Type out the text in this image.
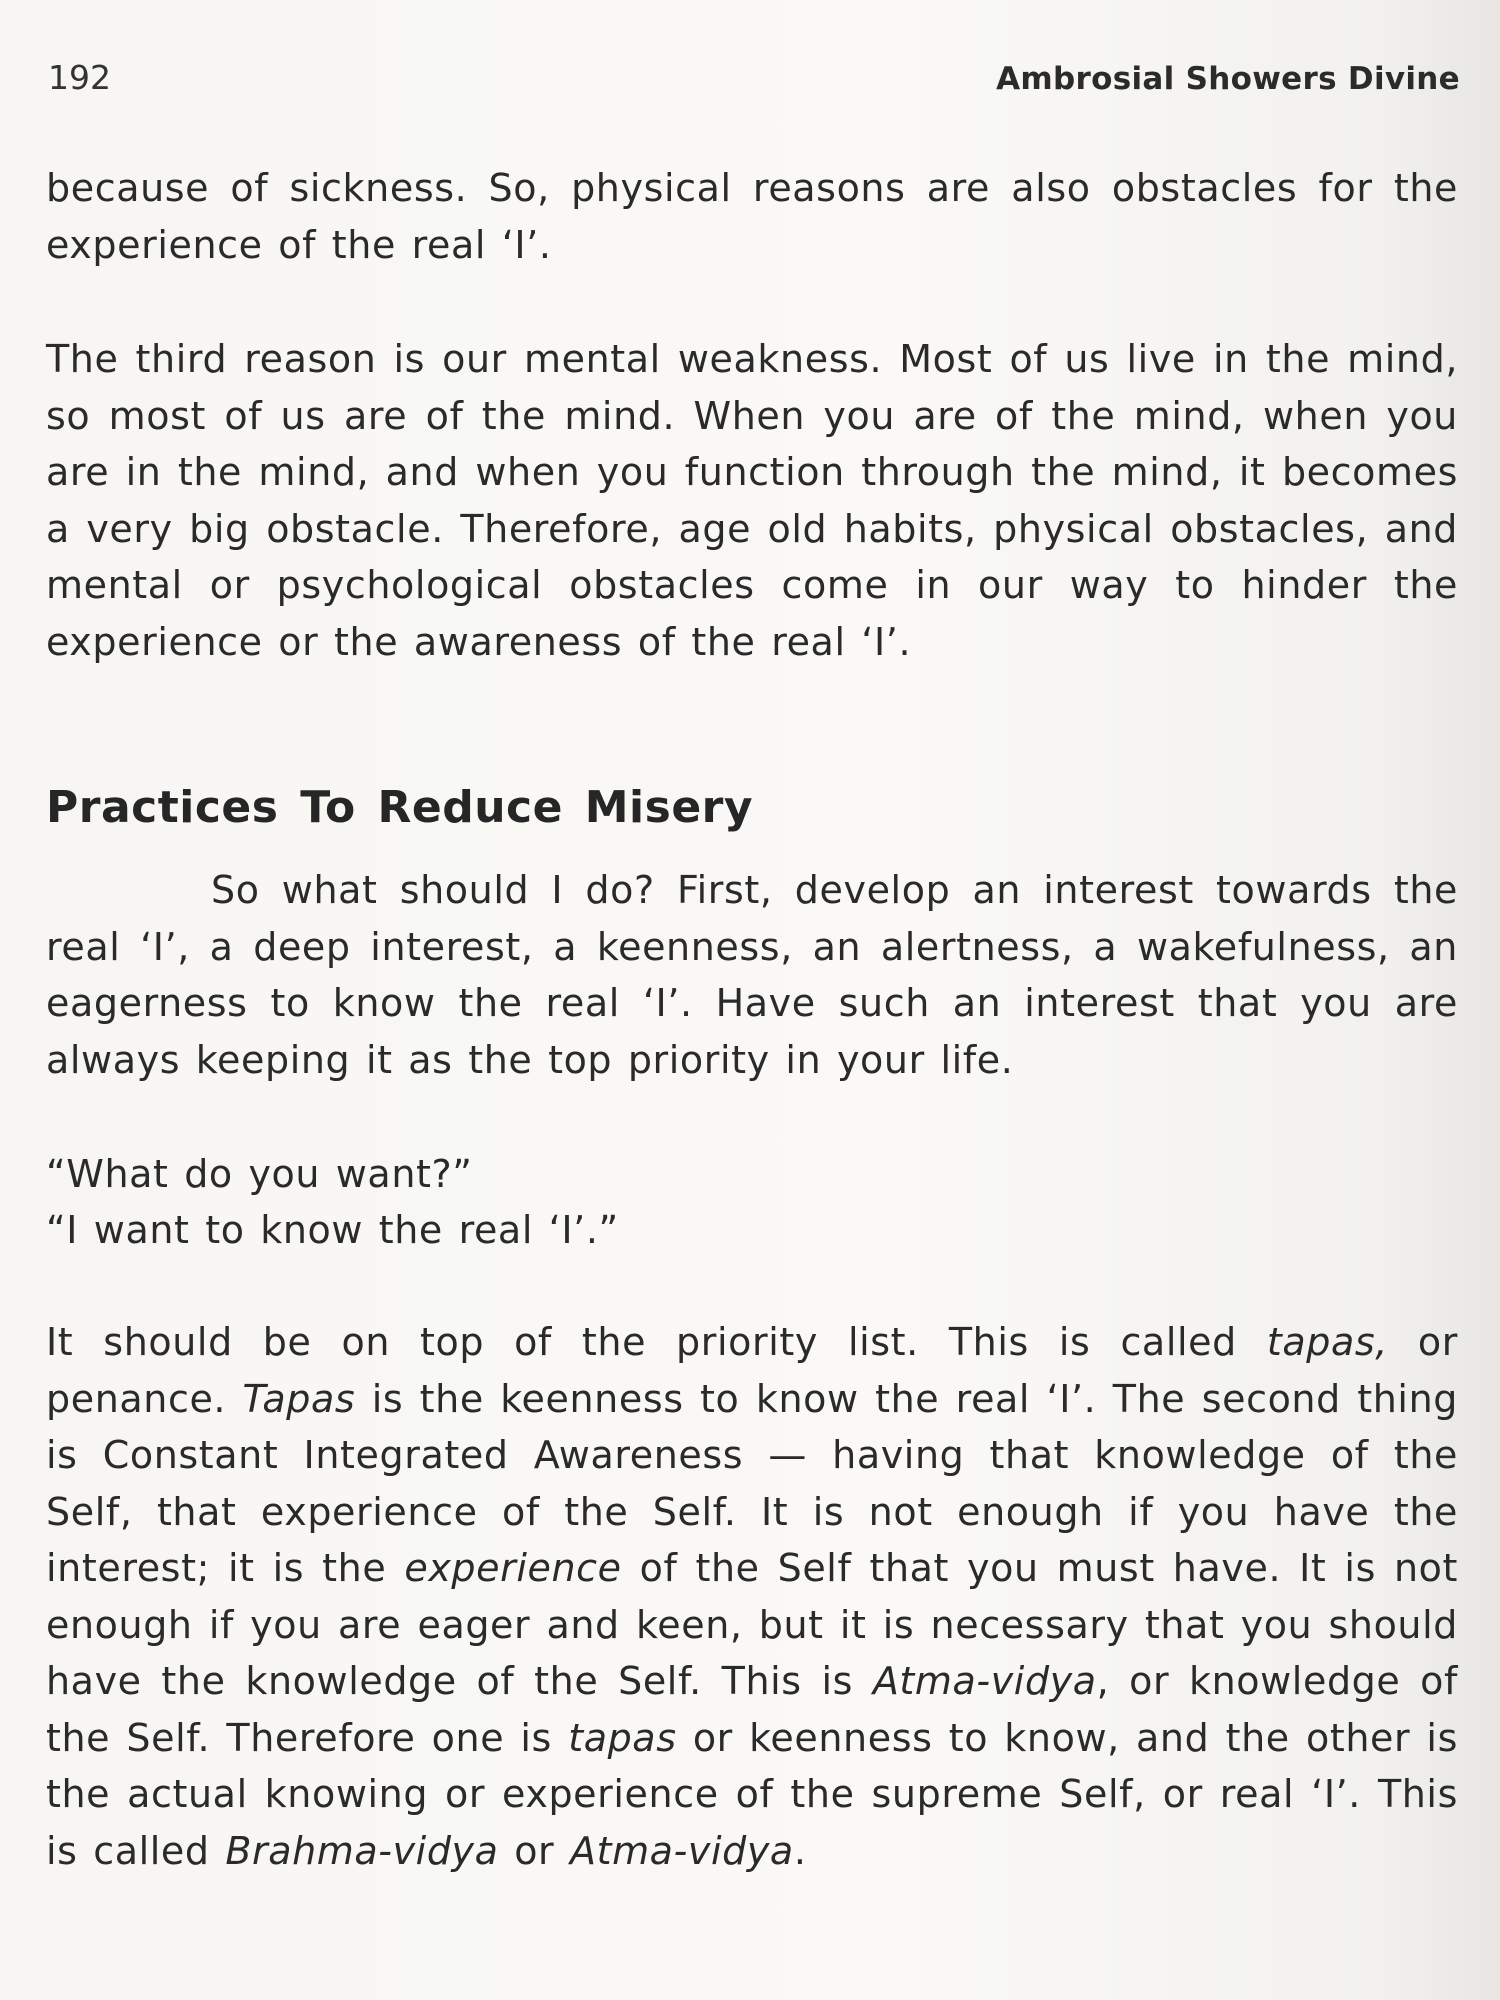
192	Ambrosial Showers Divine

because of sickness. So, physical reasons are also obstacles for the experience of the real ‘I’.

The third reason is our mental weakness. Most of us live in the mind, so most of us are of the mind. When you are of the mind, when you are in the mind, and when you function through the mind, it becomes a very big obstacle. Therefore, age old habits, physical obstacles, and mental or psychological obstacles come in our way to hinder the experience or the awareness of the real ‘I’.

Practices To Reduce Misery

So what should I do? First, develop an interest towards the real ‘I’, a deep interest, a keenness, an alertness, a wakefulness, an eagerness to know the real ‘I’. Have such an interest that you are always keeping it as the top priority in your life.

“What do you want?”

“I want to know the real ‘I’.”

It should be on top of the priority list. This is called tapas, or penance. Tapas is the keenness to know the real ‘I’. The second thing is Constant Integrated Awareness — having that knowledge of the Self, that experience of the Self. It is not enough if you have the interest; it is the experience of the Self that you must have. It is not enough if you are eager and keen, but it is necessary that you should have the knowledge of the Self. This is Atma-vidya, or knowledge of the Self. Therefore one is tapas or keenness to know, and the other is the actual knowing or experience of the supreme Self, or real ‘I’. This is called Brahma-vidya or Atma-vidya.
